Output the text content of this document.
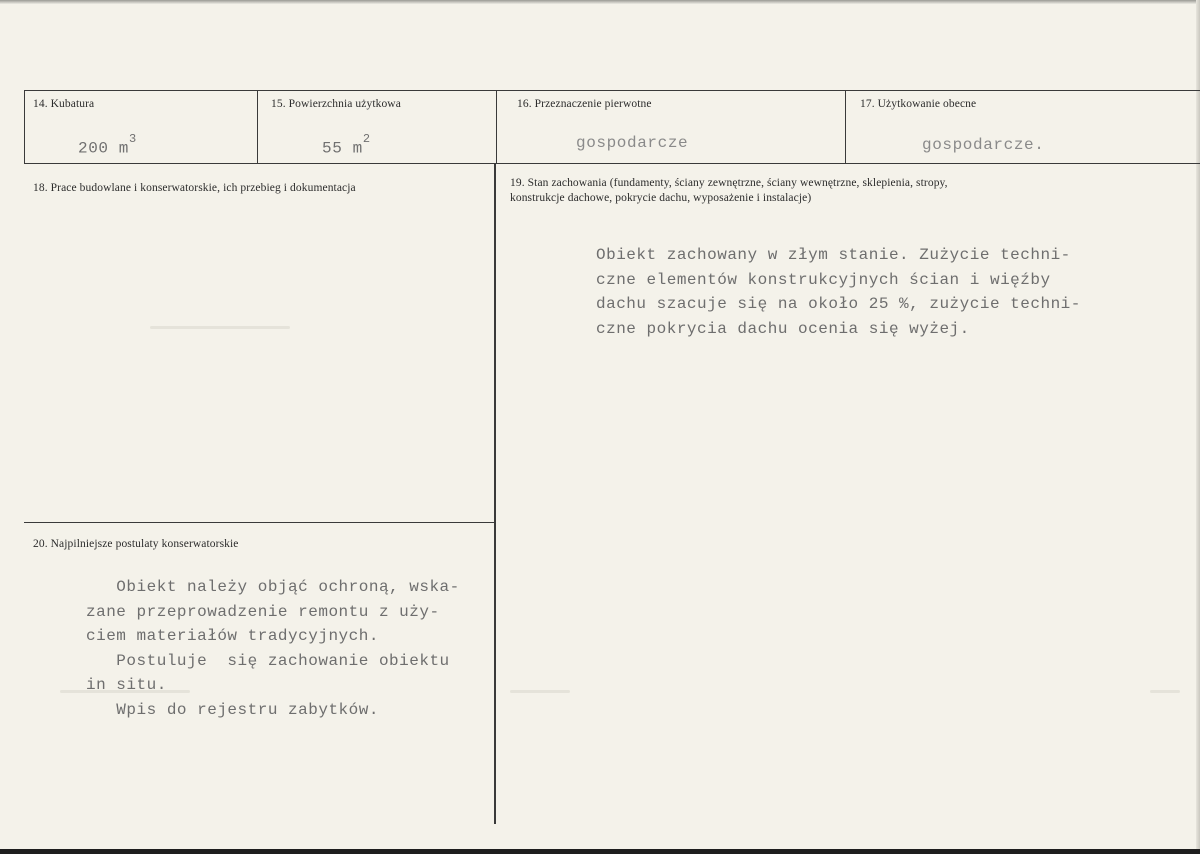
14. Kubatura
200 $m^3$
15. Powierzchnia użytkowa
55 $m^2$
16. Przeznaczenie pierwotne
gospodarcze
17. Użytkowanie obecne
gospodarcze.
18. Prace budowlane i konserwatorskie, ich przebieg i dokumentacja	19. Stan zachowania (fundamenty, ściany zewnętrzne, ściany wewnętrzne, sklepienia, stropy,
konstrukcje dachowe, pokrycie dachu, wyposażenie i instalacje)
Obiekt zachowany w złym stanie. Zużycie techni-
czne elementów konstrukcyjnych ścian i więźby
dachu szacuje się na około 25 %, zużycie techni-
czne pokrycia dachu ocenia się wyżej.
20. Najpilniejsze postulaty konserwatorskie
Obiekt należy objąć ochroną, wska-
zane przeprowadzenie remontu z uży-
ciem materiałów tradycyjnych.
Postuluje  się zachowanie obiektu
in situ.
Wpis do rejestru zabytków.
